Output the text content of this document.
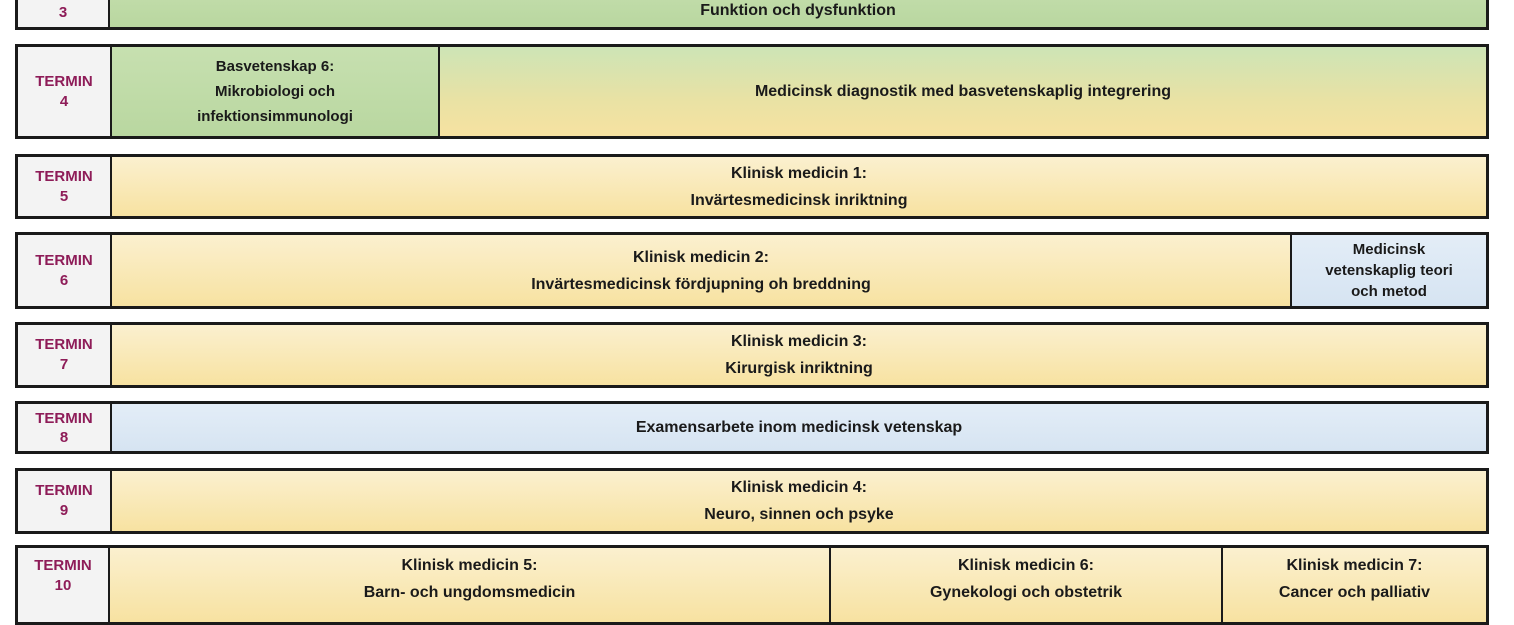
3	Funktion och dysfunktion
TERMIN
4
Basvetenskap 6:
Mikrobiologi och
infektionsimmunologi
Medicinsk diagnostik med basvetenskaplig integrering
TERMIN
5
Klinisk medicin 1:
Invärtesmedicinsk inriktning
TERMIN
6
Klinisk medicin 2:
Invärtesmedicinsk fördjupning oh breddning
Medicinsk
vetenskaplig teori
och metod
TERMIN
7
Klinisk medicin 3:
Kirurgisk inriktning
TERMIN
8
Examensarbete inom medicinsk vetenskap
TERMIN
9
Klinisk medicin 4:
Neuro, sinnen och psyke
TERMIN
10
Klinisk medicin 5:
Barn- och ungdomsmedicin
Klinisk medicin 6:
Gynekologi och obstetrik
Klinisk medicin 7:
Cancer och palliativ
